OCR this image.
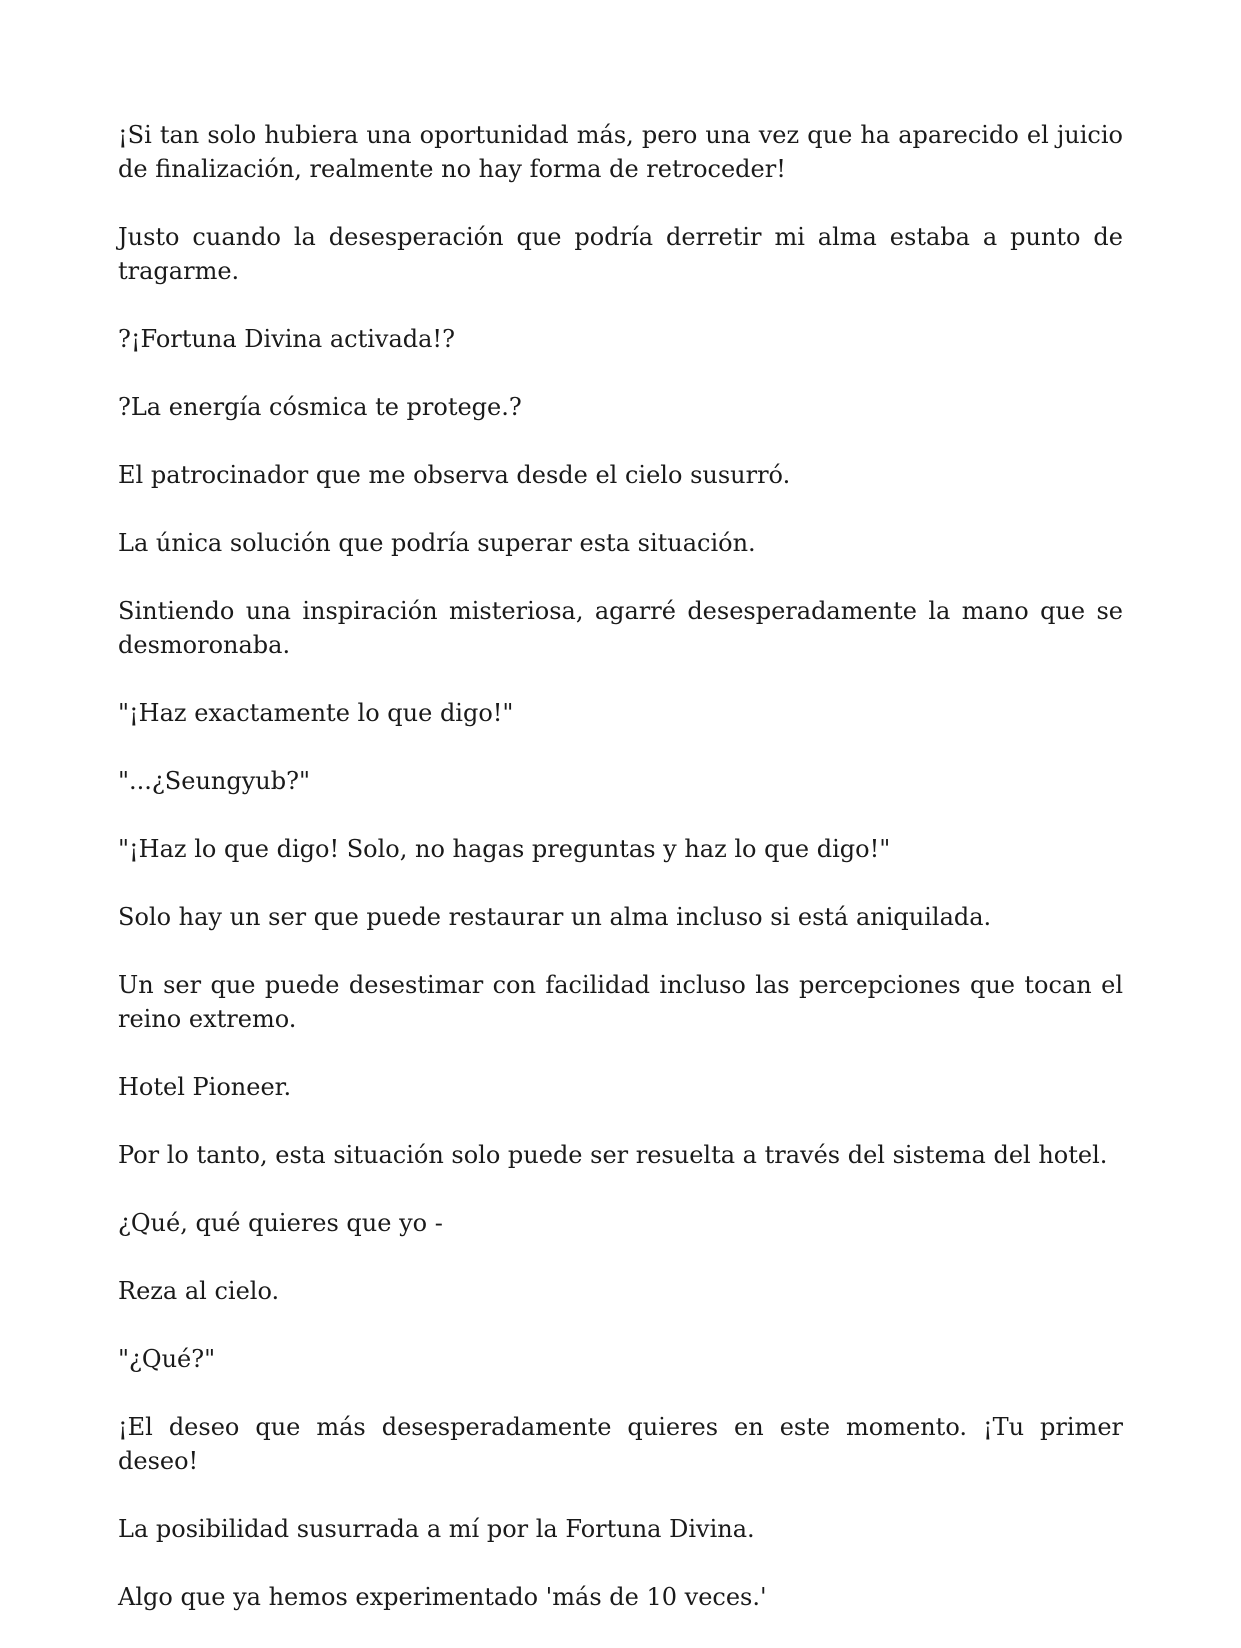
¡Si tan solo hubiera una oportunidad más, pero una vez que ha aparecido el juicio de finalización, realmente no hay forma de retroceder!

Justo cuando la desesperación que podría derretir mi alma estaba a punto de tragarme.

?¡Fortuna Divina activada!?

?La energía cósmica te protege.?

El patrocinador que me observa desde el cielo susurró.

La única solución que podría superar esta situación.

Sintiendo una inspiración misteriosa, agarré desesperadamente la mano que se desmoronaba.

"¡Haz exactamente lo que digo!"

"...¿Seungyub?"

"¡Haz lo que digo! Solo, no hagas preguntas y haz lo que digo!"

Solo hay un ser que puede restaurar un alma incluso si está aniquilada.

Un ser que puede desestimar con facilidad incluso las percepciones que tocan el reino extremo.

Hotel Pioneer.

Por lo tanto, esta situación solo puede ser resuelta a través del sistema del hotel.

¿Qué, qué quieres que yo -

Reza al cielo.

"¿Qué?"

¡El deseo que más desesperadamente quieres en este momento. ¡Tu primer deseo!

La posibilidad susurrada a mí por la Fortuna Divina.

Algo que ya hemos experimentado 'más de 10 veces.'
